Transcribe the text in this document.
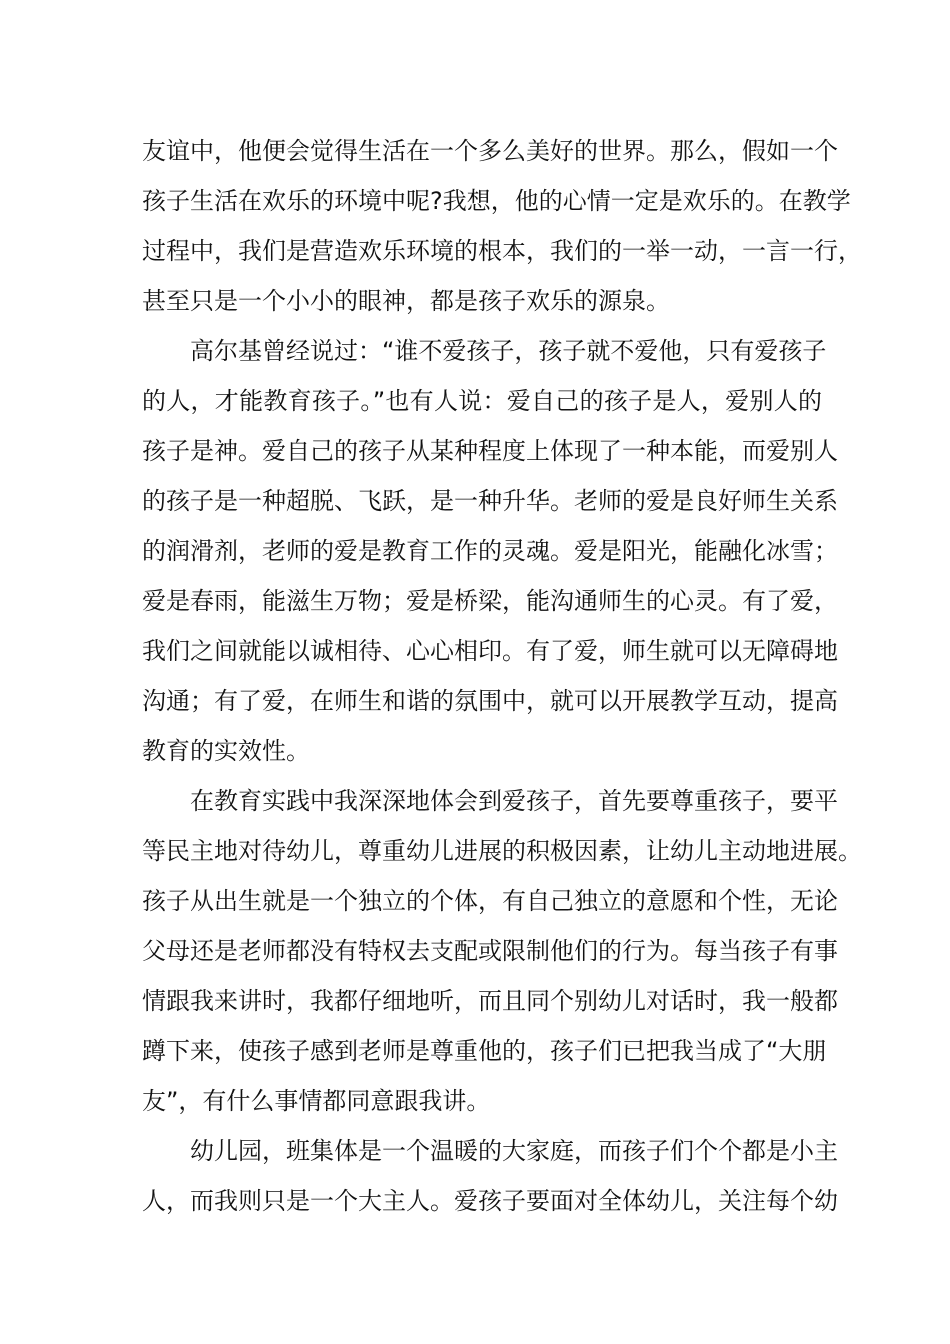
友谊中，他便会觉得生活在一个多么美好的世界。那么，假如一个
孩子生活在欢乐的环境中呢?我想，他的心情一定是欢乐的。在教学
过程中，我们是营造欢乐环境的根本，我们的一举一动，一言一行，
甚至只是一个小小的眼神，都是孩子欢乐的源泉。
高尔基曾经说过：“谁不爱孩子，孩子就不爱他，只有爱孩子
的人，才能教育孩子。”也有人说：爱自己的孩子是人，爱别人的
孩子是神。爱自己的孩子从某种程度上体现了一种本能，而爱别人
的孩子是一种超脱、飞跃，是一种升华。老师的爱是良好师生关系
的润滑剂，老师的爱是教育工作的灵魂。爱是阳光，能融化冰雪；
爱是春雨，能滋生万物；爱是桥梁，能沟通师生的心灵。有了爱，
我们之间就能以诚相待、心心相印。有了爱，师生就可以无障碍地
沟通；有了爱，在师生和谐的氛围中，就可以开展教学互动，提高
教育的实效性。
在教育实践中我深深地体会到爱孩子，首先要尊重孩子，要平
等民主地对待幼儿，尊重幼儿进展的积极因素，让幼儿主动地进展。
孩子从出生就是一个独立的个体，有自己独立的意愿和个性，无论
父母还是老师都没有特权去支配或限制他们的行为。每当孩子有事
情跟我来讲时，我都仔细地听，而且同个别幼儿对话时，我一般都
蹲下来，使孩子感到老师是尊重他的，孩子们已把我当成了“大朋
友”，有什么事情都同意跟我讲。
幼儿园，班集体是一个温暖的大家庭，而孩子们个个都是小主
人，而我则只是一个大主人。爱孩子要面对全体幼儿，关注每个幼
